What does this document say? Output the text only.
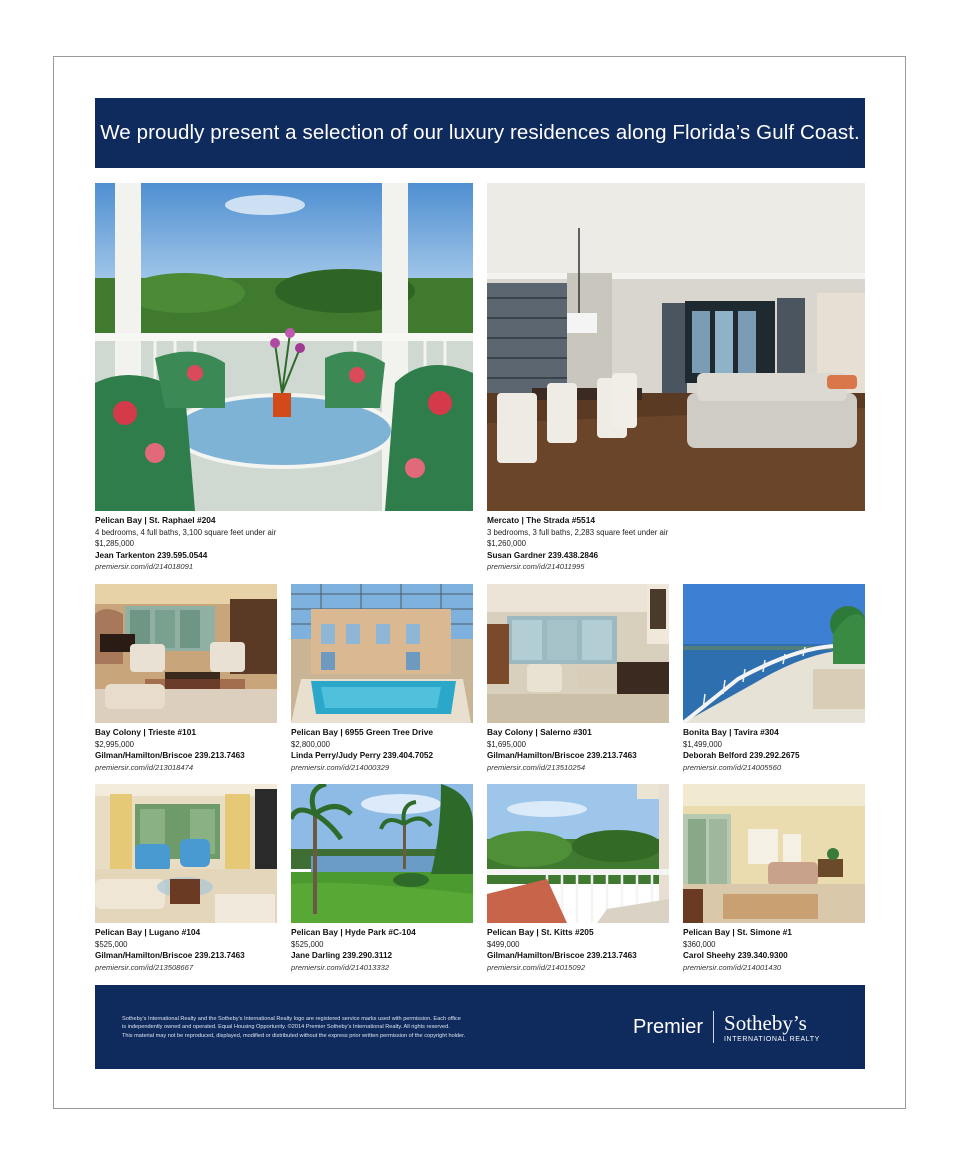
We proudly present a selection of our luxury residences along Florida’s Gulf Coast.
Pelican Bay | St. Raphael #204
4 bedrooms, 4 full baths, 3,100 square feet under air
$1,285,000
Jean Tarkenton 239.595.0544
premiersir.com/id/214018091
Mercato | The Strada #5514
3 bedrooms, 3 full baths, 2,283 square feet under air
$1,260,000
Susan Gardner 239.438.2846
premiersir.com/id/214011995
Bay Colony | Trieste #101
$2,995,000
Gilman/Hamilton/Briscoe 239.213.7463
premiersir.com/id/213018474
Pelican Bay | 6955 Green Tree Drive
$2,800,000
Linda Perry/Judy Perry 239.404.7052
premiersir.com/id/214000329
Bay Colony | Salerno #301
$1,695,000
Gilman/Hamilton/Briscoe 239.213.7463
premiersir.com/id/213510254
Bonita Bay | Tavira #304
$1,499,000
Deborah Belford 239.292.2675
premiersir.com/id/214005560
Pelican Bay | Lugano #104
$525,000
Gilman/Hamilton/Briscoe 239.213.7463
premiersir.com/id/213508667
Pelican Bay | Hyde Park #C-104
$525,000
Jane Darling 239.290.3112
premiersir.com/id/214013332
Pelican Bay | St. Kitts #205
$499,000
Gilman/Hamilton/Briscoe 239.213.7463
premiersir.com/id/214015092
Pelican Bay | St. Simone #1
$360,000
Carol Sheehy 239.340.9300
premiersir.com/id/214001430
Sotheby’s International Realty and the Sotheby’s International Realty logo are registered service marks used with permission. Each office
is independently owned and operated. Equal Housing Opportunity. ©2014 Premier Sotheby’s International Realty. All rights reserved.
This material may not be reproduced, displayed, modified or distributed without the express prior written permission of the copyright holder.	Premier Sotheby’s
INTERNATIONAL REALTY
